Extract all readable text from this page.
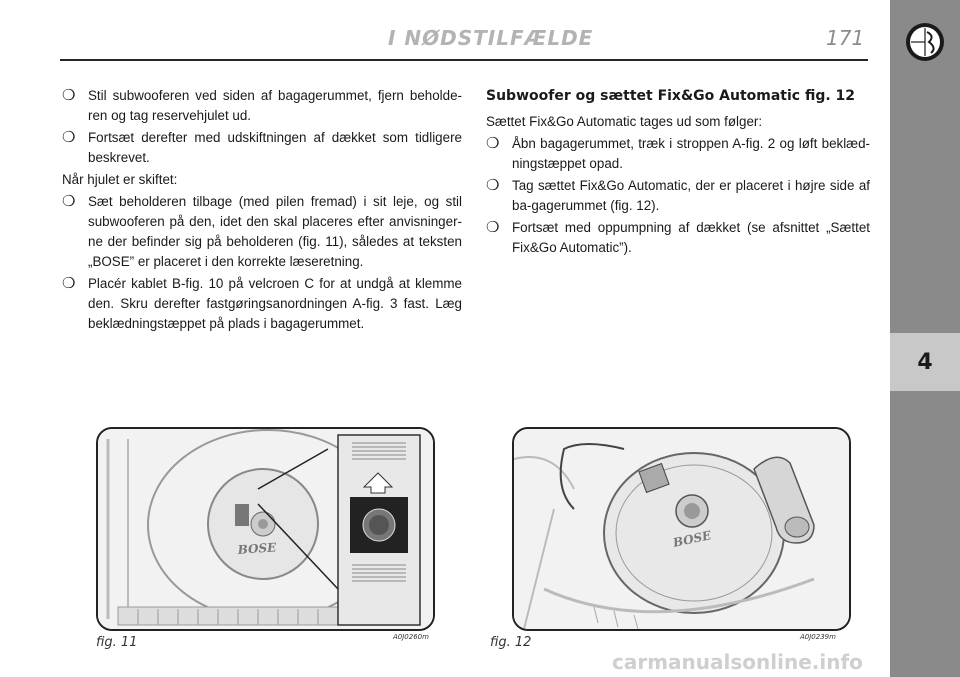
I NØDSTILFÆLDE	171
4
❍ Stil subwooferen ved siden af bagagerummet, fjern beholde-ren og tag reservehjulet ud.
❍ Fortsæt derefter med udskiftningen af dækket som tidligere beskrevet.

Når hjulet er skiftet:

❍ Sæt beholderen tilbage (med pilen fremad) i sit leje, og stil subwooferen på den, idet den skal placeres efter anvisninger-ne der befinder sig på beholderen (fig. 11), således at teksten „BOSE” er placeret i den korrekte læseretning.
❍ Placér kablet B-fig. 10 på velcroen C for at undgå at klemme den. Skru derefter fastgøringsanordningen A-fig. 3 fast. Læg beklædningstæppet på plads i bagagerummet.
Subwoofer og sættet Fix&Go Automatic fig. 12

Sættet Fix&Go Automatic tages ud som følger:

❍ Åbn bagagerummet, træk i stroppen A-fig. 2 og løft beklæd-ningstæppet opad.
❍ Tag sættet Fix&Go Automatic, der er placeret i højre side af ba-gagerummet (fig. 12).
❍ Fortsæt med oppumpning af dækket (se afsnittet „Sættet Fix&Go Automatic”).
BOSE
fig. 11	A0J0260m
BOSE
fig. 12	A0J0239m
carmanualsonline.info
